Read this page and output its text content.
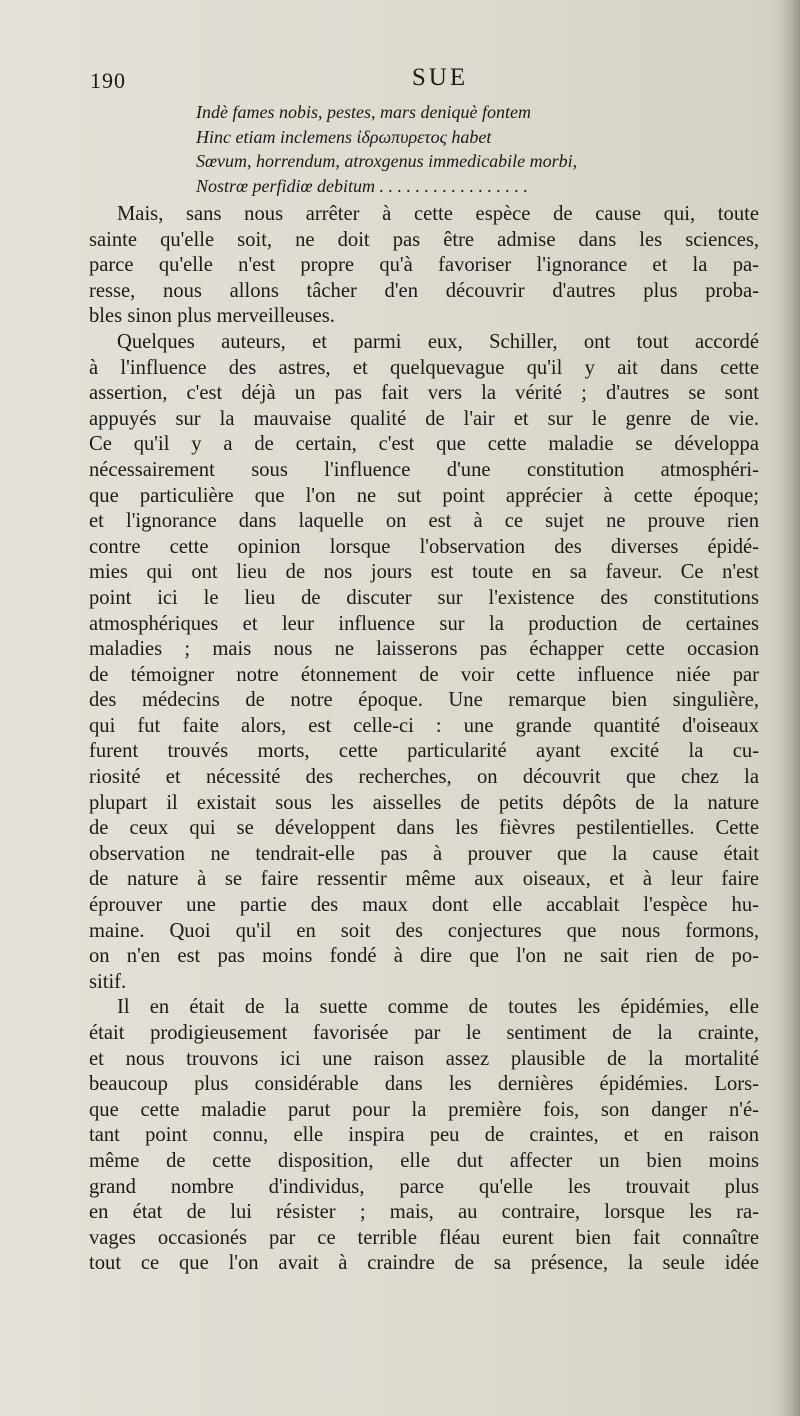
190	SUE
Indè fames nobis, pestes, mars deniquè fontem
Hinc etiam inclemens ἰδρωπυρετος habet
Sœvum, horrendum, atroxgenus immedicabile morbi,
Nostrœ perfidiœ debitum . . . . . . . . . . . . . . . . .
Mais, sans nous arrêter à cette espèce de cause qui, toute
sainte qu'elle soit, ne doit pas être admise dans les sciences,
parce qu'elle n'est propre qu'à favoriser l'ignorance et la pa-
resse, nous allons tâcher d'en découvrir d'autres plus proba-
bles sinon plus merveilleuses.
Quelques auteurs, et parmi eux, Schiller, ont tout accordé
à l'influence des astres, et quelquevague qu'il y ait dans cette
assertion, c'est déjà un pas fait vers la vérité ; d'autres se sont
appuyés sur la mauvaise qualité de l'air et sur le genre de vie.
Ce qu'il y a de certain, c'est que cette maladie se développa
nécessairement sous l'influence d'une constitution atmosphéri-
que particulière que l'on ne sut point apprécier à cette époque;
et l'ignorance dans laquelle on est à ce sujet ne prouve rien
contre cette opinion lorsque l'observation des diverses épidé-
mies qui ont lieu de nos jours est toute en sa faveur. Ce n'est
point ici le lieu de discuter sur l'existence des constitutions
atmosphériques et leur influence sur la production de certaines
maladies ; mais nous ne laisserons pas échapper cette occasion
de témoigner notre étonnement de voir cette influence niée par
des médecins de notre époque. Une remarque bien singulière,
qui fut faite alors, est celle-ci : une grande quantité d'oiseaux
furent trouvés morts, cette particularité ayant excité la cu-
riosité et nécessité des recherches, on découvrit que chez la
plupart il existait sous les aisselles de petits dépôts de la nature
de ceux qui se développent dans les fièvres pestilentielles. Cette
observation ne tendrait-elle pas à prouver que la cause était
de nature à se faire ressentir même aux oiseaux, et à leur faire
éprouver une partie des maux dont elle accablait l'espèce hu-
maine. Quoi qu'il en soit des conjectures que nous formons,
on n'en est pas moins fondé à dire que l'on ne sait rien de po-
sitif.
Il en était de la suette comme de toutes les épidémies, elle
était prodigieusement favorisée par le sentiment de la crainte,
et nous trouvons ici une raison assez plausible de la mortalité
beaucoup plus considérable dans les dernières épidémies. Lors-
que cette maladie parut pour la première fois, son danger n'é-
tant point connu, elle inspira peu de craintes, et en raison
même de cette disposition, elle dut affecter un bien moins
grand nombre d'individus, parce qu'elle les trouvait plus
en état de lui résister ; mais, au contraire, lorsque les ra-
vages occasionés par ce terrible fléau eurent bien fait connaître
tout ce que l'on avait à craindre de sa présence, la seule idée
